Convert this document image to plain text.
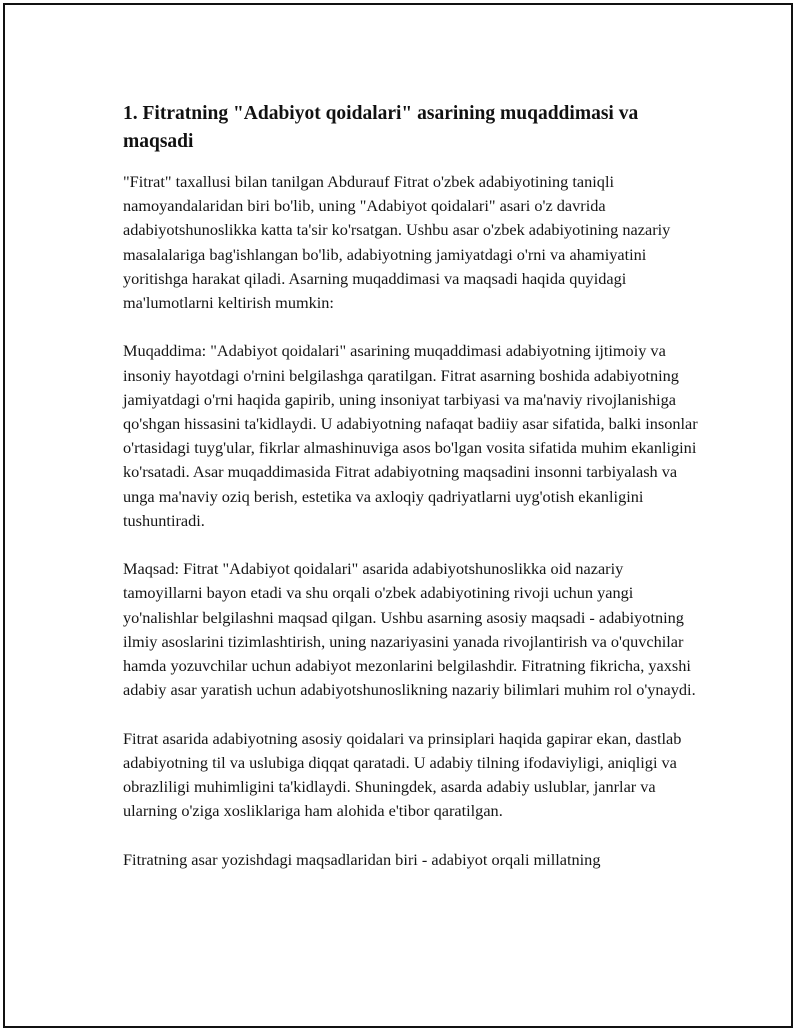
1. Fitratning "Adabiyot qoidalari" asarining muqaddimasi va maqsadi

"Fitrat" taxallusi bilan tanilgan Abdurauf Fitrat o'zbek adabiyotining taniqli namoyandalaridan biri bo'lib, uning "Adabiyot qoidalari" asari o'z davrida adabiyotshunoslikka katta ta'sir ko'rsatgan. Ushbu asar o'zbek adabiyotining nazariy masalalariga bag'ishlangan bo'lib, adabiyotning jamiyatdagi o'rni va ahamiyatini yoritishga harakat qiladi. Asarning muqaddimasi va maqsadi haqida quyidagi ma'lumotlarni keltirish mumkin:

Muqaddima: "Adabiyot qoidalari" asarining muqaddimasi adabiyotning ijtimoiy va insoniy hayotdagi o'rnini belgilashga qaratilgan. Fitrat asarning boshida adabiyotning jamiyatdagi o'rni haqida gapirib, uning insoniyat tarbiyasi va ma'naviy rivojlanishiga qo'shgan hissasini ta'kidlaydi. U adabiyotning nafaqat badiiy asar sifatida, balki insonlar o'rtasidagi tuyg'ular, fikrlar almashinuviga asos bo'lgan vosita sifatida muhim ekanligini ko'rsatadi. Asar muqaddimasida Fitrat adabiyotning maqsadini insonni tarbiyalash va unga ma'naviy oziq berish, estetika va axloqiy qadriyatlarni uyg'otish ekanligini tushuntiradi.

Maqsad: Fitrat "Adabiyot qoidalari" asarida adabiyotshunoslikka oid nazariy tamoyillarni bayon etadi va shu orqali o'zbek adabiyotining rivoji uchun yangi yo'nalishlar belgilashni maqsad qilgan. Ushbu asarning asosiy maqsadi - adabiyotning ilmiy asoslarini tizimlashtirish, uning nazariyasini yanada rivojlantirish va o'quvchilar hamda yozuvchilar uchun adabiyot mezonlarini belgilashdir. Fitratning fikricha, yaxshi adabiy asar yaratish uchun adabiyotshunoslikning nazariy bilimlari muhim rol o'ynaydi.

Fitrat asarida adabiyotning asosiy qoidalari va prinsiplari haqida gapirar ekan, dastlab adabiyotning til va uslubiga diqqat qaratadi. U adabiy tilning ifodaviyligi, aniqligi va obrazliligi muhimligini ta'kidlaydi. Shuningdek, asarda adabiy uslublar, janrlar va ularning o'ziga xosliklariga ham alohida e'tibor qaratilgan.

Fitratning asar yozishdagi maqsadlaridan biri - adabiyot orqali millatning
